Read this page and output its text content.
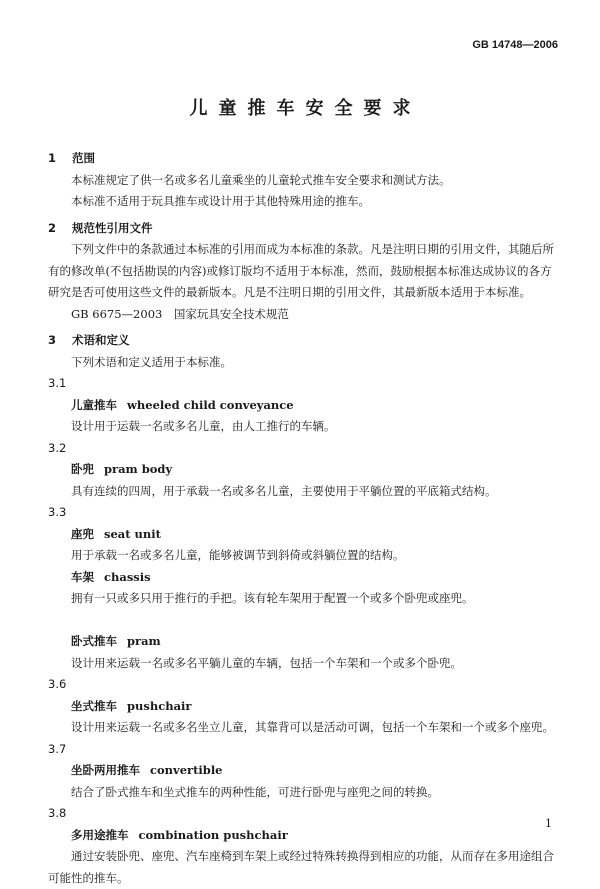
GB 14748—2006
儿童推车安全要求
1 范围
本标准规定了供一名或多名儿童乘坐的儿童轮式推车安全要求和测试方法。
本标准不适用于玩具推车或设计用于其他特殊用途的推车。
2 规范性引用文件
下列文件中的条款通过本标准的引用而成为本标准的条款。凡是注明日期的引用文件，其随后所有的修改单(不包括勘误的内容)或修订版均不适用于本标准，然而，鼓励根据本标准达成协议的各方研究是否可使用这些文件的最新版本。凡是不注明日期的引用文件，其最新版本适用于本标准。
GB 6675—2003　国家玩具安全技术规范
3 术语和定义
下列术语和定义适用于本标准。
3.1
儿童推车 wheeled child conveyance
设计用于运载一名或多名儿童，由人工推行的车辆。
3.2
卧兜 pram body
具有连续的四周，用于承载一名或多名儿童，主要使用于平躺位置的平底箱式结构。
3.3
座兜 seat unit
用于承载一名或多名儿童，能够被调节到斜倚或斜躺位置的结构。
车架 chassis
拥有一只或多只用于推行的手把。该有轮车架用于配置一个或多个卧兜或座兜。
卧式推车 pram
设计用来运载一名或多名平躺儿童的车辆，包括一个车架和一个或多个卧兜。
3.6
坐式推车 pushchair
设计用来运载一名或多名坐立儿童，其靠背可以是活动可调，包括一个车架和一个或多个座兜。
3.7
坐卧两用推车 convertible
结合了卧式推车和坐式推车的两种性能，可进行卧兜与座兜之间的转换。
3.8
多用途推车 combination pushchair
通过安装卧兜、座兜、汽车座椅到车架上或经过特殊转换得到相应的功能，从而存在多用途组合可能性的推车。
1
